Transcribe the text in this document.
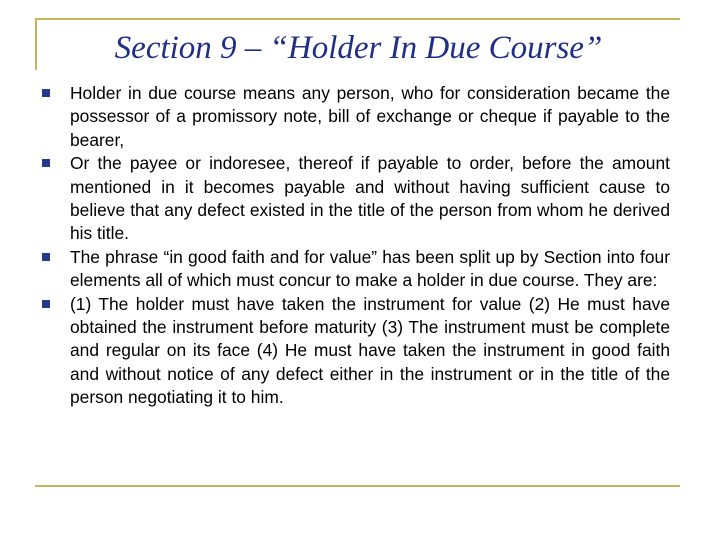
Section 9 – “Holder In Due Course”
Holder in due course means any person, who for consideration became the possessor of a promissory note, bill of exchange or cheque if payable to the bearer,
Or the payee or indoresee, thereof if payable to order, before the amount mentioned in it becomes payable and without having sufficient cause to believe that any defect existed in the title of the person from whom he derived his title.
The phrase “in good faith and for value” has been split up by Section into four elements all of which must concur to make a holder in due course. They are:
(1) The holder must have taken the instrument for value (2) He must have obtained the instrument before maturity (3) The instrument must be complete and regular on its face (4) He must have taken the instrument in good faith and without notice of any defect either in the instrument or in the title of the person negotiating it to him.
